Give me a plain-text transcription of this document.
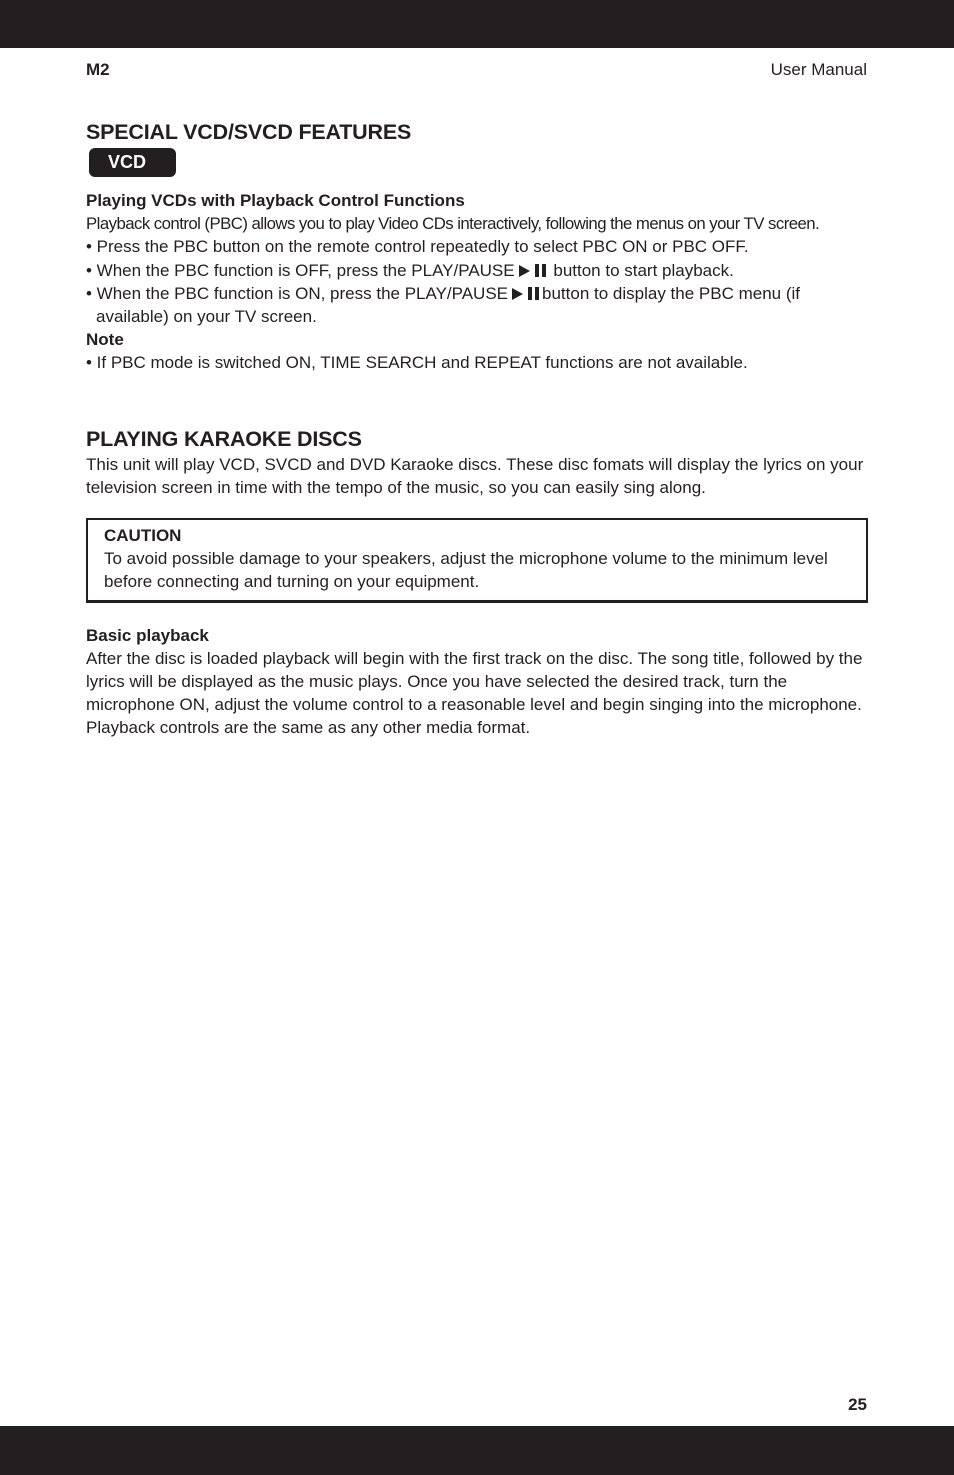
M2	User Manual
SPECIAL VCD/SVCD FEATURES
VCD

Playing VCDs with Playback Control Functions

Playback control (PBC) allows you to play Video CDs interactively, following the menus on your TV screen.

• Press the PBC button on the remote control repeatedly to select PBC ON or PBC OFF.

• When the PBC function is OFF, press the PLAY/PAUSE button to start playback.

• When the PBC function is ON, press the PLAY/PAUSE button to display the PBC menu (if available) on your TV screen.

Note

• If PBC mode is switched ON, TIME SEARCH and REPEAT functions are not available.

PLAYING KARAOKE DISCS

This unit will play VCD, SVCD and DVD Karaoke discs. These disc fomats will display the lyrics on your television screen in time with the tempo of the music, so you can easily sing along.

CAUTION

To avoid possible damage to your speakers, adjust the microphone volume to the minimum level before connecting and turning on your equipment.

Basic playback

After the disc is loaded playback will begin with the first track on the disc. The song title, followed by the lyrics will be displayed as the music plays. Once you have selected the desired track, turn the microphone ON, adjust the volume control to a reasonable level and begin singing into the microphone. Playback controls are the same as any other media format.

25
